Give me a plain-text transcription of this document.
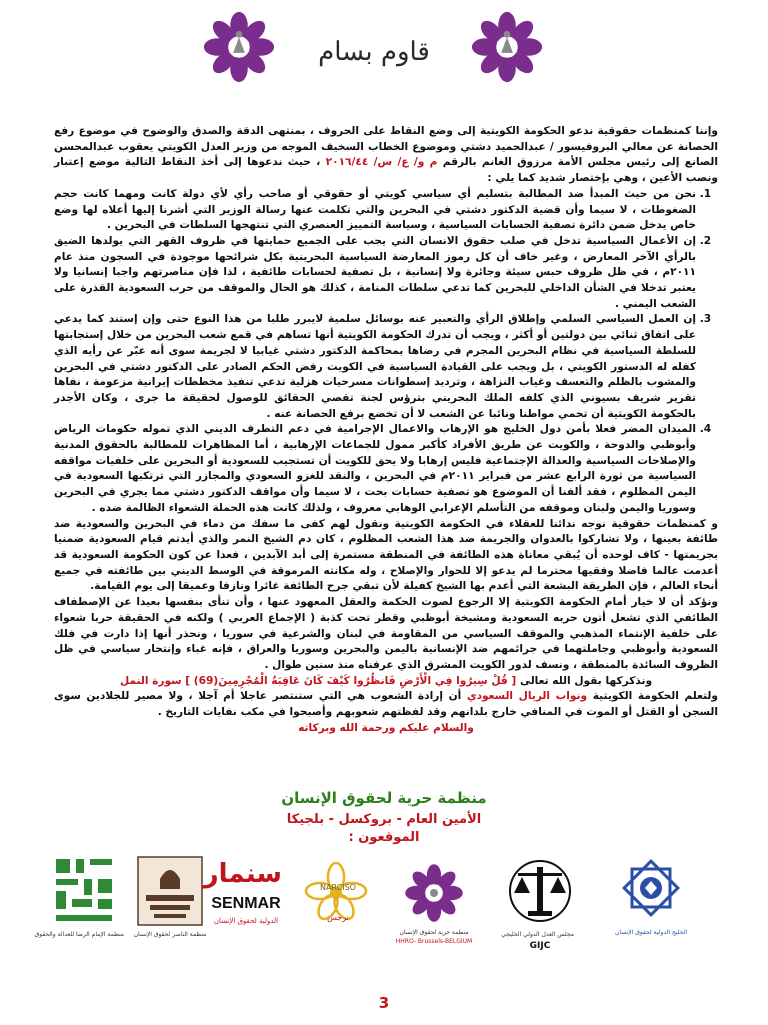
قاوم بسام

وإننا كمنظمات حقوقية ندعو الحكومة الكويتية إلى وضع النقاط على الحروف ، بمنتهى الدقة والصدق والوضوح في موضوع رفع الحصانة عن معالي البروفيسور / عبدالحميد دشتي وموضوع الخطاب السخيف الموجه من وزير العدل الكويتي يعقوب عبدالمحسن الصانع إلى رئيس مجلس الأمة مرزوق الغانم بالرقم م و/ ع/ س/ ٢٠١٦/٤٤ ، حيث ندعوها إلى أخذ النقاط التالية موضع إعتبار ونصب الأعين ، وهي بإختصار شديد كما يلي :

1. نحن من حيث المبدأ ضد المطالبة بتسليم أي سياسي كويتي أو حقوقي أو صاحب رأي لأي دولة كانت ومهما كانت حجم الضغوطات ، لا سيما وأن قضية الدكتور دشتي في البحرين والتي تكلمت عنها رسالة الوزير التي أشرنا إليها أعلاه لها وضع خاص يدخل ضمن دائرة تصفية الحسابات السياسية ، وسياسة التمييز العنصري التي تنتهجها السلطات في البحرين .
2. إن الأعمال السياسية تدخل في صلب حقوق الانسان التي يجب على الجميع حمايتها في ظروف القهر التي يولدها الضيق بالرأي الآخر المعارض ، وغير خاف أن كل رموز المعارضة السياسية البحرينية بكل شرائحها موجودة في السجون منذ عام ٢٠١١م ، في ظل ظروف حبس سيئة وجائرة ولا إنسانية ، بل تصفية لحسابات طائفية ، لذا فإن مناصرتهم واجبا إنسانيا ولا يعتبر تدخلا في الشأن الداخلي للبحرين كما تدعي سلطات المنامة ، كذلك هو الحال والموقف من حرب السعودية القذرة على الشعب اليمني .
3. إن العمل السياسي السلمي وإطلاق الرأي والتعبير عنه بوسائل سلمية لايبرر طلبا من هذا النوع حتى وإن إستند كما يدعي على اتفاق ثنائي بين دولتين أو أكثر ، ويجب أن تدرك الحكومة الكويتية أنها تساهم في قمع شعب البحرين من خلال إستجابتها للسلطة السياسية في نظام البحرين المجرم في رضاها بمحاكمة الدكتور دشتي غيابيا لا لجريمة سوى أنه عبّر عن رأيه الذي كفله له الدستور الكويتي ، بل ويجب على القيادة السياسية في الكويت رفض الحكم الصادر على الدكتور دشتي في البحرين والمشوب بالظلم والتعسف وغياب النزاهة ، وترديد إسطوانات مسرحيات هزلية تدعي تنفيذ مخططات إيرانية مزعومة ، نفاها تقرير شريف بسيوني الذي كلفه الملك البحريني بترؤس لجنة تقصي الحقائق للوصول لحقيقة ما جرى ، وكان الأجدر بالحكومة الكويتية أن تحمي مواطنا ونائبا عن الشعب لا أن تخضع برفع الحصانة عنه .
4. الميدان المضر فعلا بأمن دول الخليج هو الإرهاب والاعمال الإجرامية في دعم التطرف الديني الذي تموله حكومات الرياض وأبوظبي والدوحة ، والكويت عن طريق الأفراد كأكبر ممول للجماعات الإرهابية ، أما المظاهرات للمطالبة بالحقوق المدنية والإصلاحات السياسية والعدالة الإجتماعية فليس إرهابا ولا يحق للكويت أن تستجيب للسعودية أو البحرين على خلفيات مواقفه السياسية من ثورة الرابع عشر من فبراير ٢٠١١م في البحرين ، والنقد للغزو السعودي والمجازر التي ترتكبها السعودية في اليمن المظلوم ، فقد ألفنا أن الموضوع هو تصفية حسابات بحت ، لا سيما وأن مواقف الدكتور دشتي مما يجري في البحرين وسوريا واليمن ولبنان وموقفه من التأسلم الإعرابي الوهابي معروف ، ولذلك كانت هذه الحملة الشعواء الظالمة ضده .

و كمنظمات حقوقية نوجه ندائنا للعقلاء في الحكومة الكويتية ونقول لهم كفى ما سفك من دماء في البحرين والسعودية ضد طائفة بعينها ، ولا تشاركوا بالعدوان والجريمة ضد هذا الشعب المظلوم ، كان دم الشيخ النمر والذي أيدتم قيام السعودية ضمنيا بجريمتها - كاف لوحده أن يُبقي معاناة هذه الطائفة في المنطقة مستمرة إلى أبد الآبدين ، فعدا عن كون الحكومة السعودية قد أعدمت عالما فاضلا وفقيها محترما لم يدعو إلا للحوار والإصلاح ، وله مكانته المرموقة في الوسط الديني بين طائفته في جميع أنحاء العالم ، فإن الطريقة البشعة التي أعدم بها الشيخ كفيلة لأن تبقي جرح الطائفة غائرا ونازفا وعميقا إلى يوم القيامة.

ونؤكد أن لا خيار أمام الحكومة الكويتية إلا الرجوع لصوت الحكمة والعقل المعهود عنها ، وأن تنأى بنفسها بعيدا عن الإصطفاف الطائفي الذي تشعل أتون حربه السعودية ومشيخة أبوظبي وقطر تحت كذبة ( الإجماع العربي ) ولكنه في الحقيقة حربا شعواء على خلفية الإنتماء المذهبي والموقف السياسي من المقاومة في لبنان والشرعية في سوريا ، ونحذر أنها إذا دارت في فلك السعودية وأبوظبي وجاملتهما في جرائمهم ضد الإنسانية باليمن والبحرين وسوريا والعراق ، فإنه غباء وإنتحار سياسي في ظل الظروف السائدة بالمنطقة ، ونسف لدور الكويت المشرق الذي عرفناه منذ سنين طوال .

ونذكركها بقول الله تعالى [ قُلْ سِيرُوا فِي الْأَرْضِ فَانظُرُوا كَيْفَ كَانَ عَاقِبَةُ الْمُجْرِمِينَ(69) ] سورة النمل

ولتعلم الحكومة الكويتية ونواب الريال السعودي أن إرادة الشعوب هي التي ستنتصر عاجلا أم آجلا ، ولا مصير للجلادين سوى السجن أو القتل أو الموت في المنافي خارج بلدانهم وقد لفظتهم شعوبهم وأصبحوا في مكب نفايات التاريخ .

والسلام عليكم ورحمة الله وبركاته

منظمة حرية لحقوق الإنسان
الأمين العام - بروكسل - بلجيكا
الموقعون :
الخليج الدولية لحقوق الإنسان
مجلس العدل الدولي الخليجي
GIJC
منظمة حرية لحقوق الإنسان
HHRO- Brussels-BELGIUM
NARCISO
نرجس
سنمار
SENMAR
الدولية لحقوق الإنسان
منظمة الناصر لحقوق الإنسان
منظمة الإمام الرضا للعدالة والحقوق
3
